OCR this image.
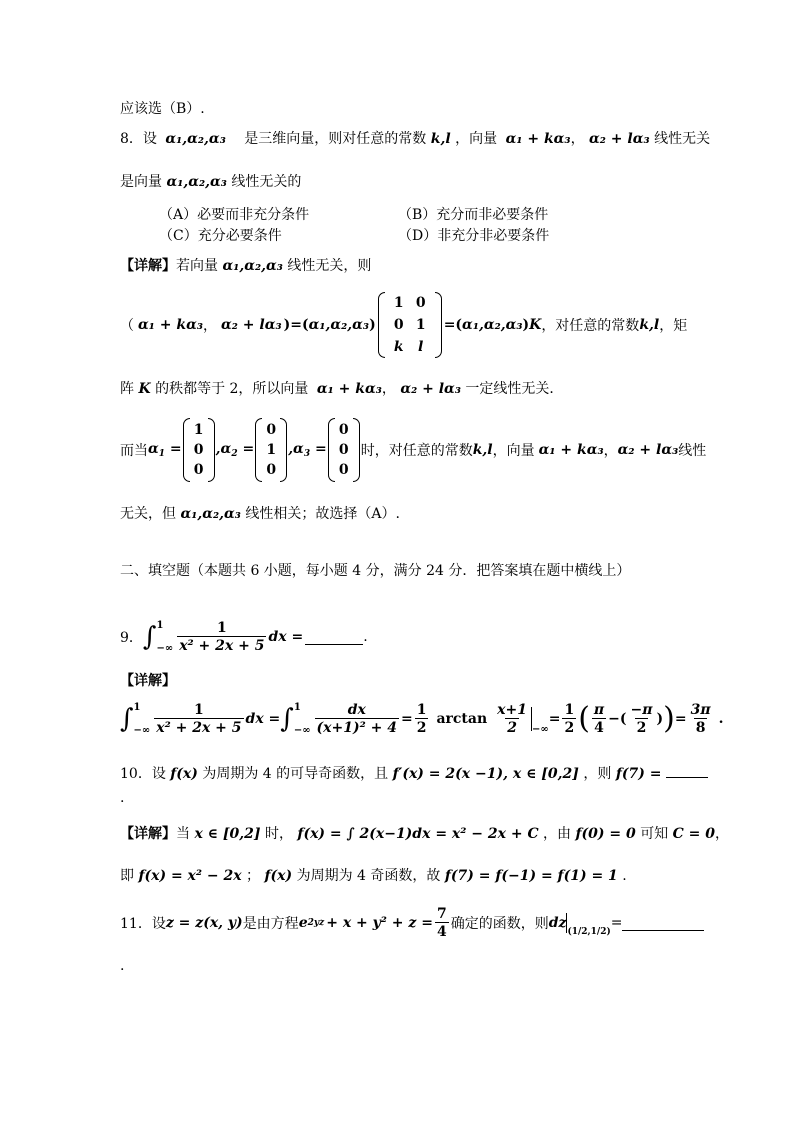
应该选（B）.
8．设 α₁,α₂,α₃ 是三维向量，则对任意的常数 k,l ，向量 α₁ + kα₃， α₂ + lα₃ 线性无关
是向量 α₁,α₂,α₃ 线性无关的
（A）必要而非充分条件	（B）充分而非必要条件
（C）充分必要条件	（D）非充分非必要条件
【详解】若向量 α₁,α₂,α₃ 线性无关，则
（ α₁ + kα₃ ， α₂ + lα₃ )=( α₁,α₂,α₃ )
1 0
0 1
k	l
=( α₁,α₂,α₃ ) K ，对任意的常数 k,l ，矩
阵 K 的秩都等于 2，所以向量 α₁ + kα₃， α₂ + lα₃ 一定线性无关．
而当 $\alpha_1$ =
1
0
0
$,\alpha_2$ =
0
1
0
$,\alpha_3$ =
0
0
0
时，对任意的常数 k,l ，向量 α₁ + kα₃ ， α₂ + lα₃ 线性
无关，但 α₁,α₂,α₃ 线性相关；故选择（A）.
二、填空题（本题共 6 小题，每小题 4 分，满分 24 分．把答案填在题中横线上）
9． ∫ 1
−∞ $\frac{1}{\text{x² + 2x + 5}}$ dx =	.
【详解】
∫ 1
−∞ $\frac{1}{\text{x² + 2x + 5}}$ dx = ∫ 1
−∞ $\frac{dx}{\text{(x+1)² + 4}} = \frac{1}{2}$ $\arctan \frac{x+1}{2}$ −∞
= $\frac{1}{2}$ ( $\frac{\pi}{4}$ −( $\frac{-\pi}{2}$ ) ) = $\frac{3\pi}{8}$ .
10．设 f(x) 为周期为 4 的可导奇函数，且 f′(x) = 2(x −1), x ∈ [0,2] ，则 f(7) =
.
【详解】当 x ∈ [0,2] 时， f(x) = ∫ 2(x−1)dx = x² − 2x + C ，由 f(0) = 0 可知 C = 0，
即 f(x) = x² − 2x ； f(x) 为周期为 4 奇函数，故 f(7) = f(−1) = f(1) = 1 .
11．设 z = z(x, y) 是由方程 e $2yz + x + y^2 + z = \frac{7}{4}$ 确定的函数，则 dz
(1/2,1/2)
=
.
